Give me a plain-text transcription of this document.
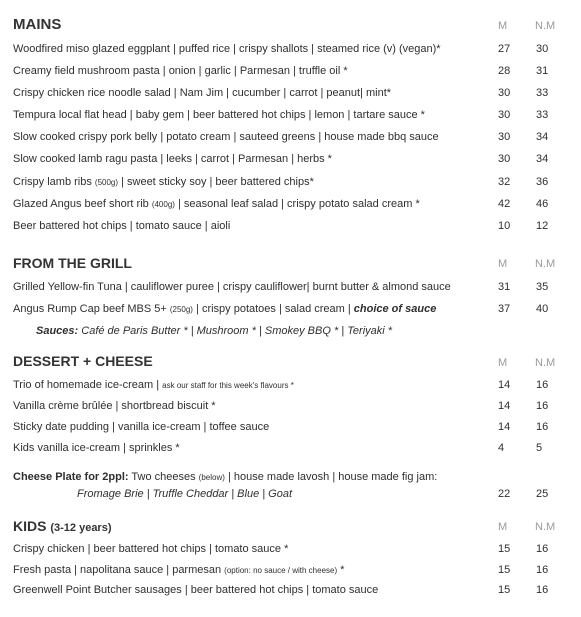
MAINS	M	N.M
Woodfired miso glazed eggplant | puffed rice | crispy shallots | steamed rice (v) (vegan)*	27 30
Creamy field mushroom pasta | onion | garlic | Parmesan | truffle oil *	28 31
Crispy chicken rice noodle salad | Nam Jim | cucumber | carrot | peanut| mint*	30 33
Tempura local flat head | baby gem | beer battered hot chips | lemon | tartare sauce *	30 33
Slow cooked crispy pork belly | potato cream | sauteed greens | house made bbq sauce	30 34
Slow cooked lamb ragu pasta | leeks | carrot | Parmesan | herbs *	30 34
Crispy lamb ribs (500g) | sweet sticky soy | beer battered chips*	32 36
Glazed Angus beef short rib (400g) | seasonal leaf salad | crispy potato salad cream *	42 46
Beer battered hot chips | tomato sauce | aioli	10 12
FROM THE GRILL	M	N.M
Grilled Yellow-fin Tuna | cauliflower puree | crispy cauliflower| burnt butter & almond sauce	31 35
Angus Rump Cap beef MBS 5+ (250g) | crispy potatoes | salad cream | choice of sauce	37 40
Sauces: Café de Paris Butter * | Mushroom * | Smokey BBQ * | Teriyaki *
DESSERT + CHEESE	M	N.M
Trio of homemade ice-cream | ask our staff for this week's flavours *	14 16
Vanilla crème brûlée | shortbread biscuit *	14 16
Sticky date pudding | vanilla ice-cream | toffee sauce	14 16
Kids vanilla ice-cream | sprinkles *	4	5
Cheese Plate for 2ppl: Two cheeses (below) | house made lavosh | house made fig jam:
Fromage Brie | Truffle Cheddar | Blue | Goat	22 25
KIDS (3-12 years)	M	N.M
Crispy chicken | beer battered hot chips | tomato sauce *	15 16
Fresh pasta | napolitana sauce | parmesan (option: no sauce / with cheese) *	15 16
Greenwell Point Butcher sausages | beer battered hot chips | tomato sauce	15 16
